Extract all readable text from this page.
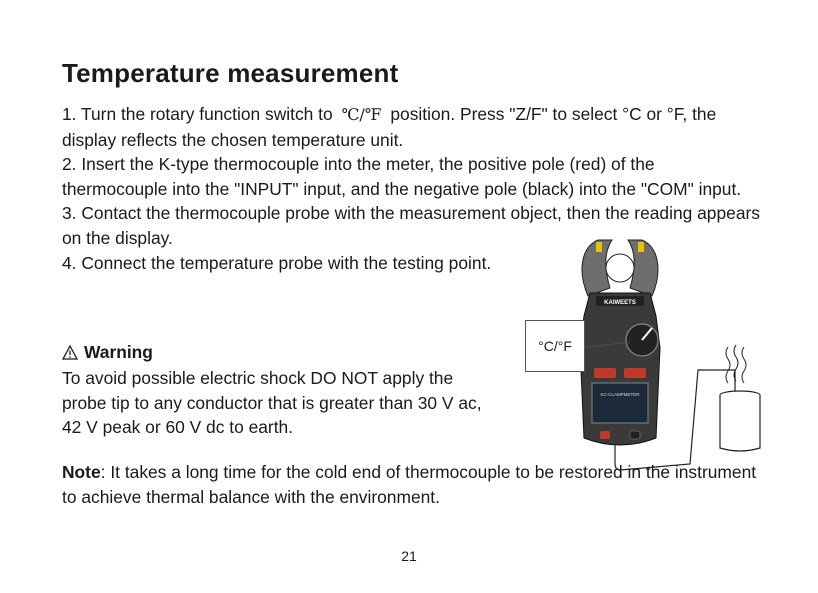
Temperature measurement

1. Turn the rotary function switch to ℃/℉ position. Press "Z/F" to select °C or °F, the display reflects the chosen temperature unit.

2. Insert the K-type thermocouple into the meter, the positive pole (red) of the thermocouple into the "INPUT" input, and the negative pole (black) into the "COM" input.

3. Contact the thermocouple probe with the measurement object, then the reading appears on the display.

4. Connect the temperature probe with the testing point.

Warning
To avoid possible electric shock DO NOT apply the probe tip to any conductor that is greater than 30 V ac, 42 V peak or 60 V dc to earth.
KAIWEETS
KC-CLAMPMETER
°C/°F
Note: It takes a long time for the cold end of thermocouple to be restored in the instrument to achieve thermal balance with the environment.
21
